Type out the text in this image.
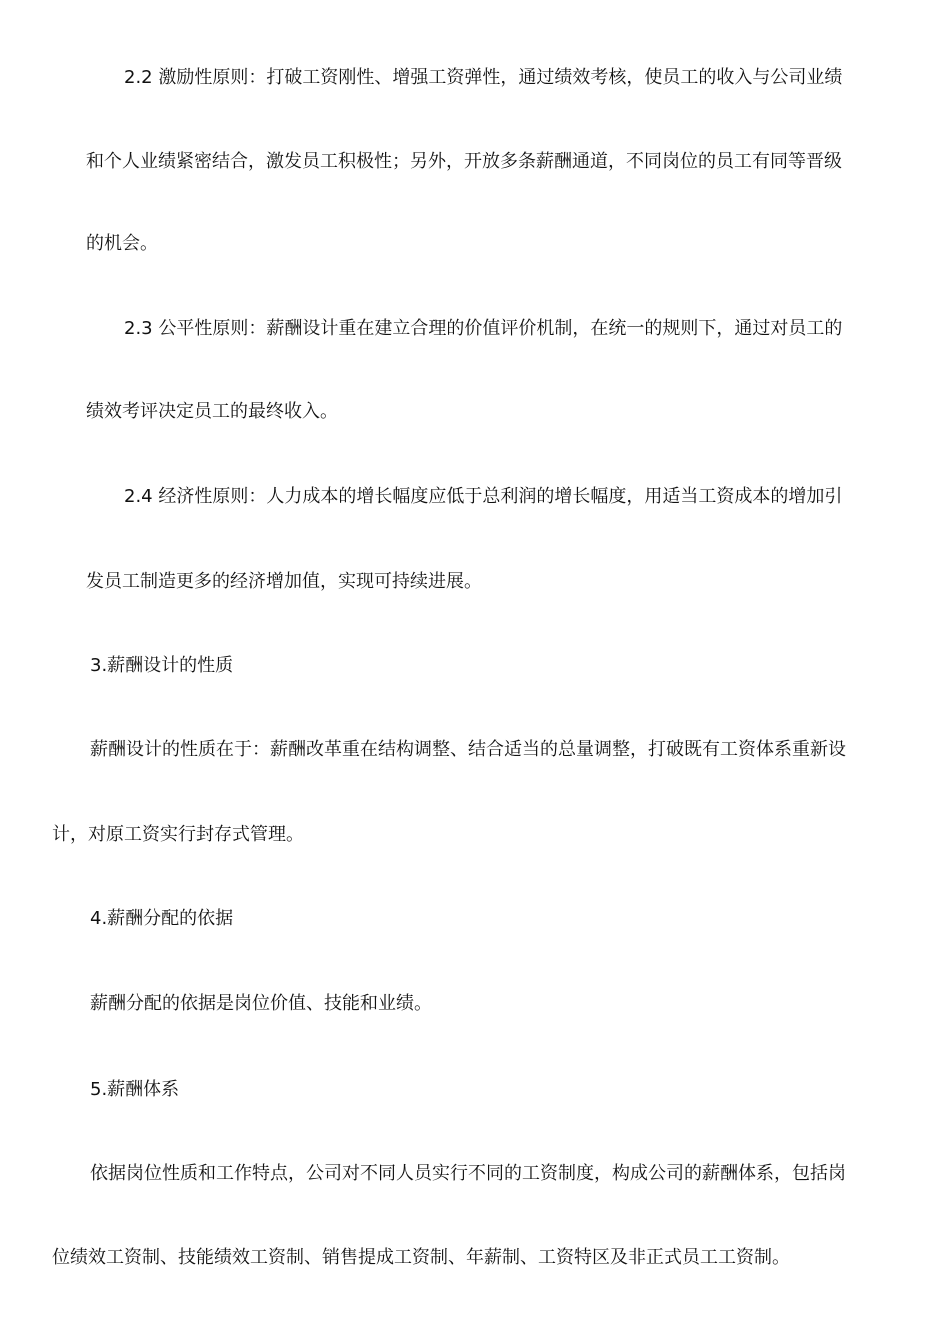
2.2 激励性原则：打破工资刚性、增强工资弹性，通过绩效考核，使员工的收入与公司业绩
和个人业绩紧密结合，激发员工积极性；另外，开放多条薪酬通道，不同岗位的员工有同等晋级
的机会。
2.3 公平性原则：薪酬设计重在建立合理的价值评价机制，在统一的规则下，通过对员工的
绩效考评决定员工的最终收入。
2.4 经济性原则：人力成本的增长幅度应低于总利润的增长幅度，用适当工资成本的增加引
发员工制造更多的经济增加值，实现可持续进展。
3.薪酬设计的性质
薪酬设计的性质在于：薪酬改革重在结构调整、结合适当的总量调整，打破既有工资体系重新设
计，对原工资实行封存式管理。
4.薪酬分配的依据
薪酬分配的依据是岗位价值、技能和业绩。
5.薪酬体系
依据岗位性质和工作特点，公司对不同人员实行不同的工资制度，构成公司的薪酬体系，包括岗
位绩效工资制、技能绩效工资制、销售提成工资制、年薪制、工资特区及非正式员工工资制。
